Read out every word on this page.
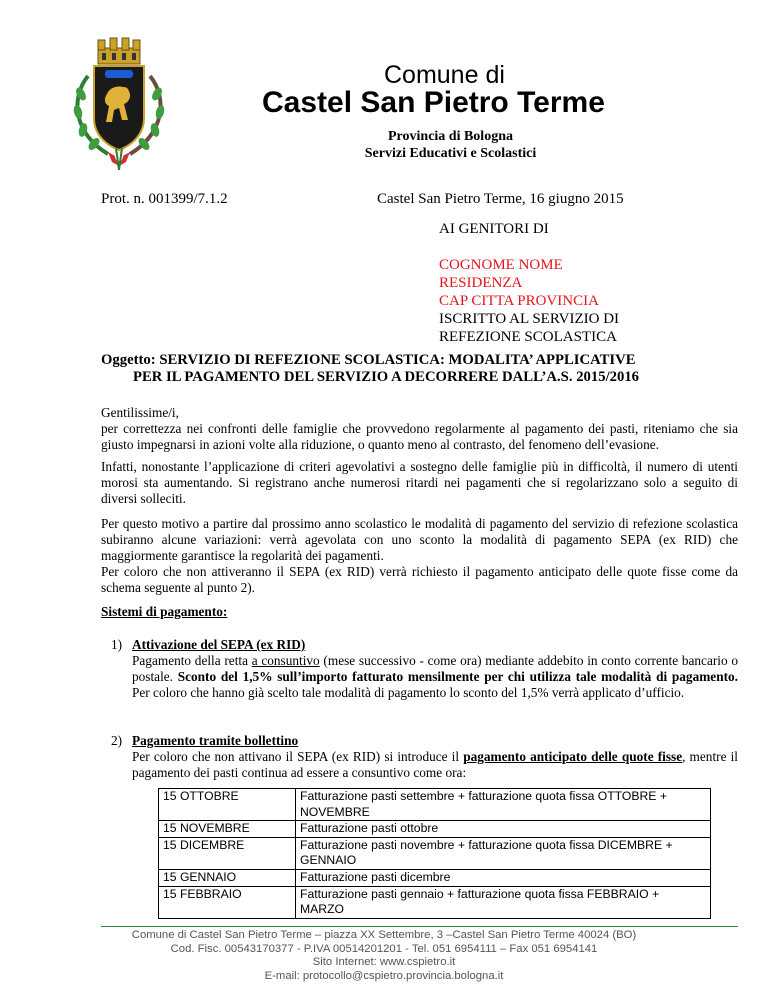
Comune di
Castel San Pietro Terme
Provincia di Bologna
Servizi Educativi e Scolastici
Prot. n. 001399/7.1.2	Castel San Pietro Terme, 16 giugno 2015
AI GENITORI DI
COGNOME NOME
RESIDENZA
CAP CITTA PROVINCIA
ISCRITTO AL SERVIZIO DI
REFEZIONE SCOLASTICA
Oggetto: SERVIZIO DI REFEZIONE SCOLASTICA: MODALITA’ APPLICATIVE
PER IL PAGAMENTO DEL SERVIZIO A DECORRERE DALL’A.S. 2015/2016
Gentilissime/i,

per correttezza nei confronti delle famiglie che provvedono regolarmente al pagamento dei pasti, riteniamo che sia giusto impegnarsi in azioni volte alla riduzione, o quanto meno al contrasto, del fenomeno dell’evasione.

Infatti, nonostante l’applicazione di criteri agevolativi a sostegno delle famiglie più in difficoltà, il numero di utenti morosi sta aumentando. Si registrano anche numerosi ritardi nei pagamenti che si regolarizzano solo a seguito di diversi solleciti.

Per questo motivo a partire dal prossimo anno scolastico le modalità di pagamento del servizio di refezione scolastica subiranno alcune variazioni: verrà agevolata con uno sconto la modalità di pagamento SEPA (ex RID) che maggiormente garantisce la regolarità dei pagamenti.

Per coloro che non attiveranno il SEPA (ex RID) verrà richiesto il pagamento anticipato delle quote fisse come da schema seguente al punto 2).

Sistemi di pagamento:
1) Attivazione del SEPA (ex RID)

Pagamento della retta a consuntivo (mese successivo - come ora) mediante addebito in conto corrente bancario o postale. Sconto del 1,5% sull’importo fatturato mensilmente per chi utilizza tale modalità di pagamento. Per coloro che hanno già scelto tale modalità di pagamento lo sconto del 1,5% verrà applicato d’ufficio.

2) Pagamento tramite bollettino

Per coloro che non attivano il SEPA (ex RID) si introduce il pagamento anticipato delle quote fisse, mentre il pagamento dei pasti continua ad essere a consuntivo come ora:

15 OTTOBRE	Fatturazione pasti settembre + fatturazione quota fissa OTTOBRE + NOVEMBRE
15 NOVEMBRE	Fatturazione pasti ottobre
15 DICEMBRE	Fatturazione pasti novembre + fatturazione quota fissa DICEMBRE + GENNAIO
15 GENNAIO	Fatturazione pasti dicembre
15 FEBBRAIO	Fatturazione pasti gennaio + fatturazione quota fissa FEBBRAIO + MARZO
Comune di Castel San Pietro Terme – piazza XX Settembre, 3 –Castel San Pietro Terme 40024 (BO)
Cod. Fisc. 00543170377 - P.IVA 00514201201 - Tel. 051 6954111 – Fax 051 6954141
Sito Internet: www.cspietro.it
E-mail: protocollo@cspietro.provincia.bologna.it
